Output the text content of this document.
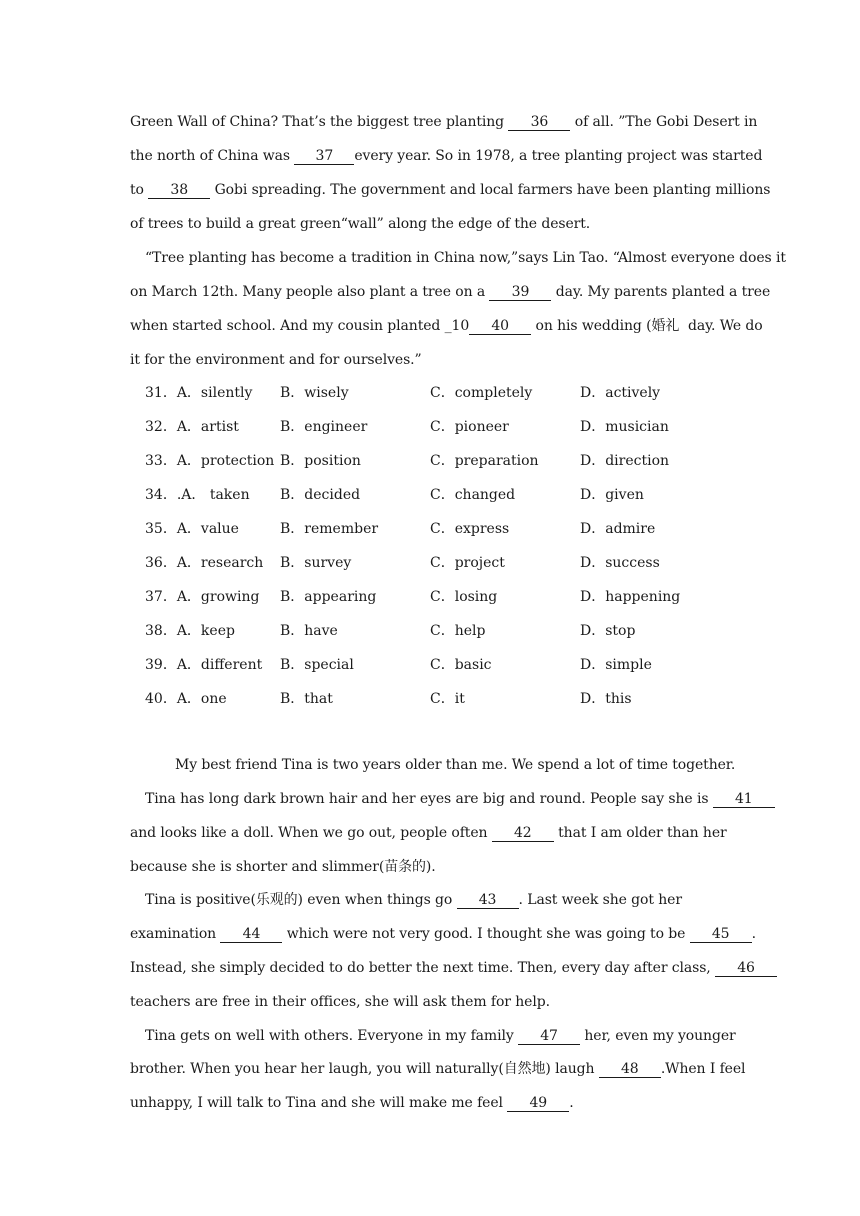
Green Wall of China? That’s the biggest tree planting 36 of all. ”The Gobi Desert in
the north of China was 37 every year. So in 1978, a tree planting project was started
to 38 Gobi spreading. The government and local farmers have been planting millions
of trees to build a great green“wall” along the edge of the desert.
“Tree planting has become a tradition in China now,”says Lin Tao. “Almost everyone does it
on March 12th. Many people also plant a tree on a 39 day. My parents planted a tree
when started school. And my cousin planted _10 40 on his wedding (婚礼  day. We do
it for the environment and for ourselves.”
31．A．silently B．wisely	C．completely	D．actively
32．A．artist	B．engineer	C．pioneer	D．musician
33．A．protection B．position	C．preparation	D．direction
34．.A． taken B．decided	C．changed	D．given
35．A．value	B．remember	C．express	D．admire
36．A．research B．survey	C．project	D．success
37．A．growing B．appearing	C．losing	D．happening
38．A．keep	B．have	C．help	D．stop
39．A．different B．special	C．basic	D．simple
40．A．one	B．that	C．it	D．this
My best friend Tina is two years older than me. We spend a lot of time together.
Tina has long dark brown hair and her eyes are big and round. People say she is 41
and looks like a doll. When we go out, people often 42 that I am older than her
because she is shorter and slimmer(苗条的).
Tina is positive(乐观的) even when things go 43 . Last week she got her
examination 44 which were not very good. I thought she was going to be 45 .
Instead, she simply decided to do better the next time. Then, every day after class, 46
teachers are free in their offices, she will ask them for help.
Tina gets on well with others. Everyone in my family 47 her, even my younger
brother. When you hear her laugh, you will naturally(自然地) laugh 48 .When I feel
unhappy, I will talk to Tina and she will make me feel 49 .
